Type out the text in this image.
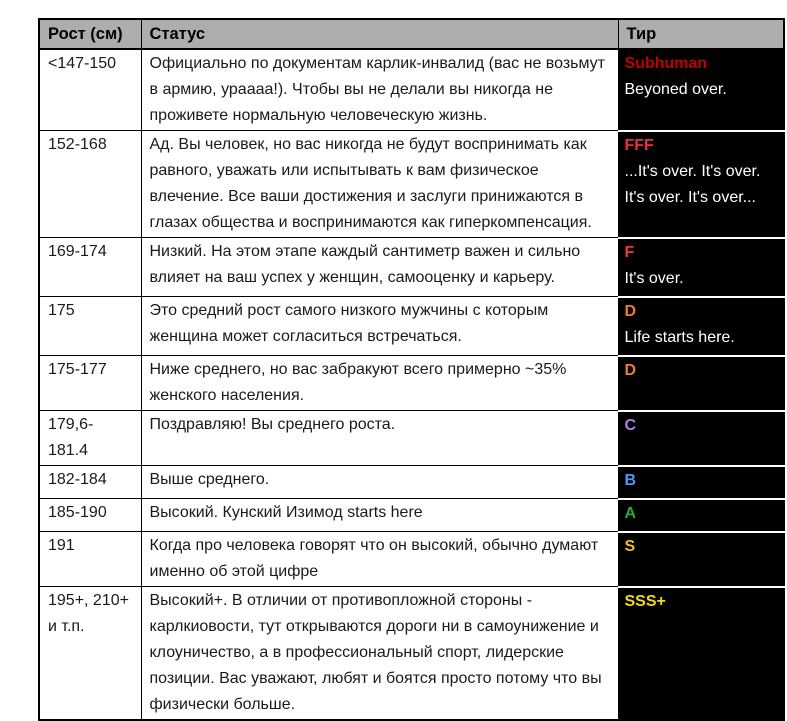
Рост (см)	Статус	Тир
<147-150	Официально по документам карлик-инвалид (вас не возьмут в армию, ураааа!). Чтобы вы не делали вы никогда не проживете нормальную человеческую жизнь.	Subhuman
Beyoned over.

152-168	Ад. Вы человек, но вас никогда не будут воспринимать как равного, уважать или испытывать к вам физическое влечение. Все ваши достижения и заслуги принижаются в глазах общества и воспринимаются как гиперкомпенсация.	FFF
...It's over. It's over. It's over. It's over...

169-174	Низкий. На этом этапе каждый сантиметр важен и сильно влияет на ваш успех у женщин, самооценку и карьеру.	F
It's over.

175	Это средний рост самого низкого мужчины с которым женщина может согласиться встречаться.	D
Life starts here.

175-177	Ниже среднего, но вас забракуют всего примерно ~35% женского населения.	D

179,6-181.4	Поздравляю! Вы среднего роста.	C

182-184	Выше среднего.	B

185-190	Высокий. Кунский Изимод starts here	A

191	Когда про человека говорят что он высокий, обычно думают именно об этой цифре	S

195+, 210+ и т.п.	Высокий+. В отличии от противопложной стороны - карлкиовости, тут открываются дороги ни в самоунижение и клоуничество, а в профессиональный спорт, лидерские позиции. Вас уважают, любят и боятся просто потому что вы физически больше.	SSS+
